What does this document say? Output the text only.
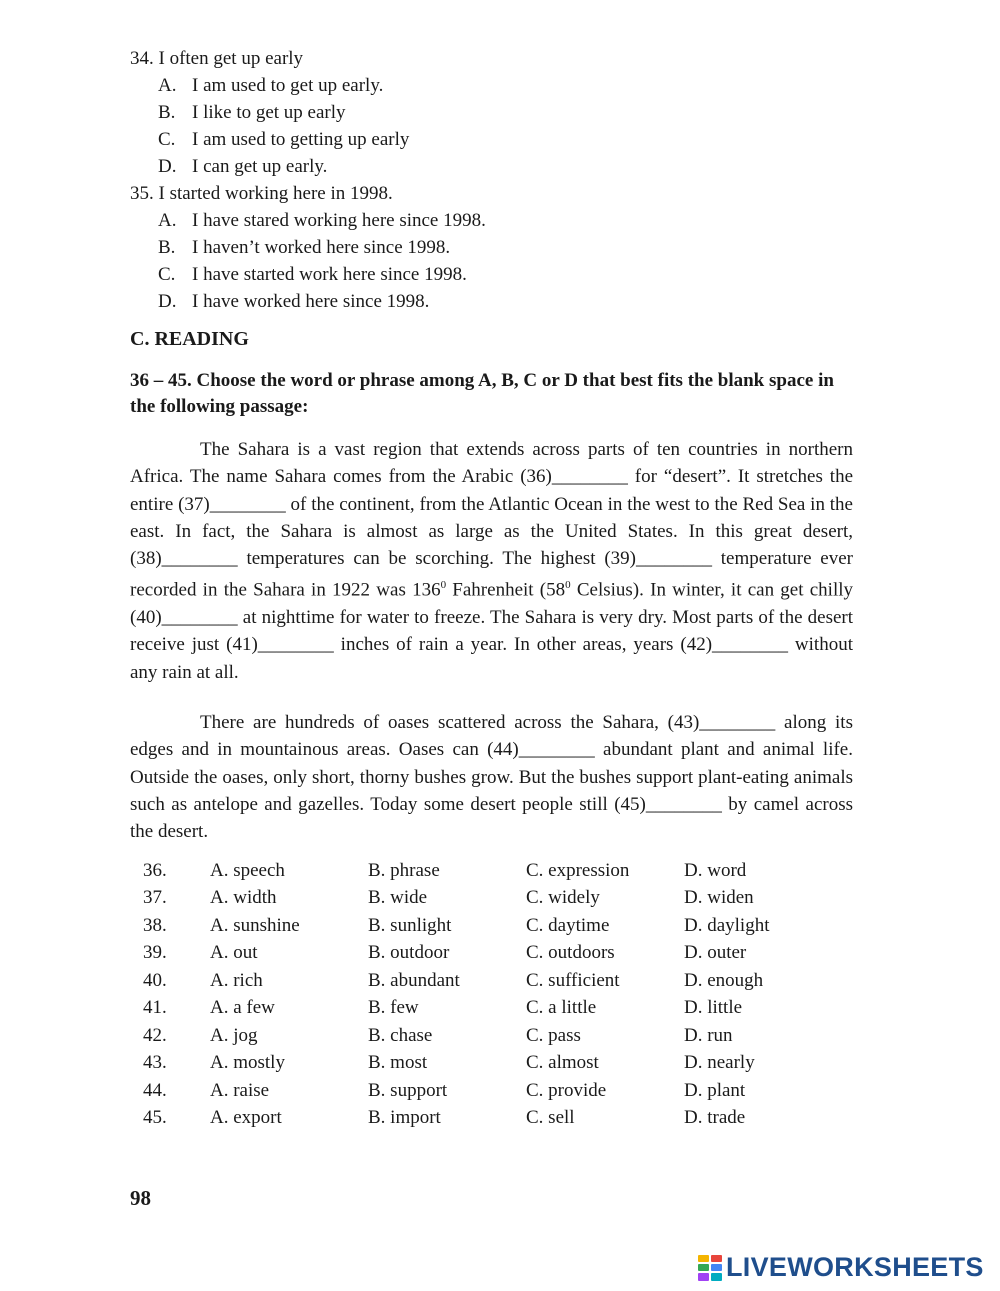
34. I often get up early
A. I am used to get up early.
B. I like to get up early
C. I am used to getting up early
D. I can get up early.
35. I started working here in 1998.
A. I have stared working here since 1998.
B. I haven’t worked here since 1998.
C. I have started work here since 1998.
D. I have worked here since 1998.
C. READING
36 – 45. Choose the word or phrase among A, B, C or D that best fits the blank space in the following passage:
The Sahara is a vast region that extends across parts of ten countries in northern Africa. The name Sahara comes from the Arabic (36)________ for “desert”. It stretches the entire (37)________ of the continent, from the Atlantic Ocean in the west to the Red Sea in the east. In fact, the Sahara is almost as large as the United States. In this great desert, (38)________ temperatures can be scorching. The highest (39)________ temperature ever recorded in the Sahara in 1922 was $136^0$ Fahrenheit ($58^0$ Celsius). In winter, it can get chilly (40)________ at nighttime for water to freeze. The Sahara is very dry. Most parts of the desert receive just (41)________ inches of rain a year. In other areas, years (42)________ without any rain at all.
There are hundreds of oases scattered across the Sahara, (43)________ along its edges and in mountainous areas. Oases can (44)________ abundant plant and animal life. Outside the oases, only short, thorny bushes grow. But the bushes support plant-eating animals such as antelope and gazelles. Today some desert people still (45)________ by camel across the desert.
36.	A. speech	B. phrase	C. expression	D. word
37.	A. width	B. wide	C. widely	D. widen
38.	A. sunshine	B. sunlight	C. daytime	D. daylight
39.	A. out	B. outdoor	C. outdoors	D. outer
40.	A. rich	B. abundant	C. sufficient	D. enough
41.	A. a few	B. few	C. a little	D. little
42.	A. jog	B. chase	C. pass	D. run
43.	A. mostly	B. most	C. almost	D. nearly
44.	A. raise	B. support	C. provide	D. plant
45.	A. export	B. import	C. sell	D. trade
98
LIVEWORKSHEETS
